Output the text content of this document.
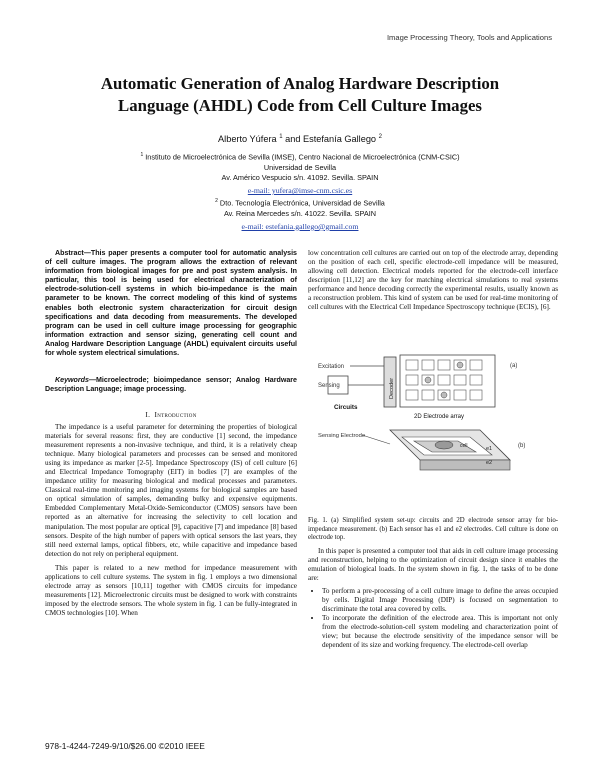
Image Processing Theory, Tools and Applications
Automatic Generation of Analog Hardware Description
Language (AHDL) Code from Cell Culture Images
Alberto Yúfera $^1$ and Estefanía Gallego $^2$
$^1$ Instituto de Microelectrónica de Sevilla (IMSE), Centro Nacional de Microelectrónica (CNM-CSIC)
Universidad de Sevilla
Av. Américo Vespucio s/n. 41092. Sevilla. SPAIN
e-mail: yufera@imse-cnm.csic.es
$^2$ Dto. Tecnología Electrónica, Universidad de Sevilla
Av. Reina Mercedes s/n. 41022. Sevilla. SPAIN
e-mail: estefania.gallego@gmail.com
Abstract—This paper presents a computer tool for automatic analysis of cell culture images. The program allows the extraction of relevant information from biological images for pre and post system analysis. In particular, this tool is being used for electrical characterization of electrode-solution-cell systems in which bio-impedance is the main parameter to be known. The correct modeling of this kind of systems enables both electronic system characterization for circuit design specifications and data decoding from measurements. The developed program can be used in cell culture image processing for geographic information extraction and sensor sizing, generating cell count and Analog Hardware Description Language (AHDL) equivalent circuits useful for whole system electrical simulations.
Keywords—Microelectrode; bioimpedance sensor; Analog Hardware Description Language; image processing.
I. Introduction

The impedance is a useful parameter for determining the properties of biological materials for several reasons: first, they are conductive [1] second, the impedance measurement represents a non-invasive technique, and third, it is a relatively cheap technique. Many biological parameters and processes can be sensed and monitored using its impedance as marker [2-5]. Impedance Spectroscopy (IS) of cell culture [6] and Electrical Impedance Tomography (EIT) in bodies [7] are examples of the impedance utility for measuring biological and medical processes and parameters. Classical real-time monitoring and imaging systems for biological samples are based on optical simulation of samples, demanding bulky and expensive equipments. Embedded Complementary Metal-Oxide-Semiconductor (CMOS) sensors have been reported as an alternative for increasing the selectivity to cell location and manipulation. The most popular are optical [9], capacitive [7] and impedance [8] based sensors. Despite of the high number of papers with optical sensors the last years, they still need external lamps, optical fibbers, etc, while capacitive and impedance based detection do not rely on peripheral equipment.

This paper is related to a new method for impedance measurement with applications to cell culture systems. The system in fig. 1 employs a two dimensional electrode array as sensors [10,11] together with CMOS circuits for impedance measurements [12]. Microelectronic circuits must be designed to work with constraints imposed by the electrode sensors. The whole system in fig. 1 can be fully-integrated in CMOS technologies [10]. When

low concentration cell cultures are carried out on top of the electrode array, depending on the position of each cell, specific electrode-cell impedance will be measured, allowing cell detection. Electrical models reported for the electrode-cell interface description [11,12] are the key for matching electrical simulations to real systems performance and hence decoding correctly the experimental results, usually known as a reconstruction problem. This kind of system can be used for real-time monitoring of cell cultures with the Electrical Cell Impedance Spectroscopy technique (ECIS), [6].

Excitation
Sensing
Circuits
Decoder
(a)
2D Electrode array
Sensing Electrode
e1
e2
cell	(b)
Fig. 1. (a) Simplified system set-up: circuits and 2D electrode sensor array for bio-impedance measurement. (b) Each sensor has e1 and e2 electrodes. Cell culture is done on electrode top.

In this paper is presented a computer tool that aids in cell culture image processing and reconstruction, helping to the optimization of circuit design since it enables the emulation of biological loads. In the system shown in fig. 1, the tasks of to be done are:

• To perform a pre-processing of a cell culture image to define the areas occupied by cells. Digital Image Processing (DIP) is focused on segmentation to discriminate the total area covered by cells.
• To incorporate the definition of the electrode area. This is important not only from the electrode-solution-cell system modeling and characterization point of view; but because the electrode sensitivity of the impedance sensor will be dependent of its size and working frequency. The electrode-cell overlap
978-1-4244-7249-9/10/$26.00 ©2010 IEEE
